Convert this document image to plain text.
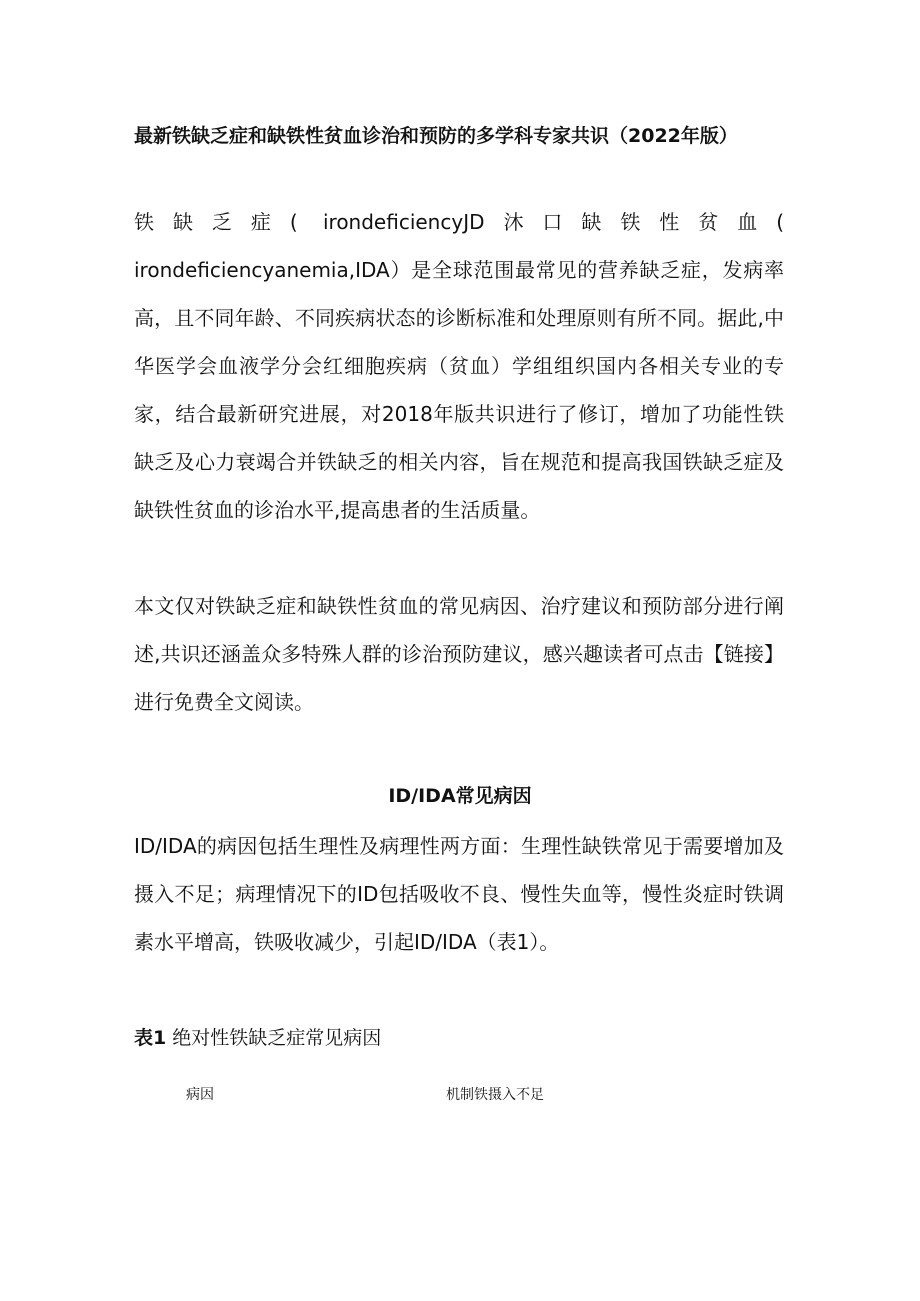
最新铁缺乏症和缺铁性贫血诊治和预防的多学科专家共识（2022年版）
铁缺乏症( irondeficiencyJD沐口缺铁性贫血( irondeficiencyanemia,IDA）是全球范围最常见的营养缺乏症，发病率高，且不同年龄、不同疾病状态的诊断标准和处理原则有所不同。据此,中华医学会血液学分会红细胞疾病（贫血）学组组织国内各相关专业的专家，结合最新研究进展，对2018年版共识进行了修订，增加了功能性铁缺乏及心力衰竭合并铁缺乏的相关内容，旨在规范和提高我国铁缺乏症及缺铁性贫血的诊治水平,提高患者的生活质量。
本文仅对铁缺乏症和缺铁性贫血的常见病因、治疗建议和预防部分进行阐述,共识还涵盖众多特殊人群的诊治预防建议，感兴趣读者可点击【链接】进行免费全文阅读。
ID/IDA常见病因
ID/IDA的病因包括生理性及病理性两方面：生理性缺铁常见于需要增加及摄入不足；病理情况下的ID包括吸收不良、慢性失血等，慢性炎症时铁调素水平增高，铁吸收减少，引起ID/IDA（表1）。
表1 绝对性铁缺乏症常见病因
病因	机制铁摄入不足
